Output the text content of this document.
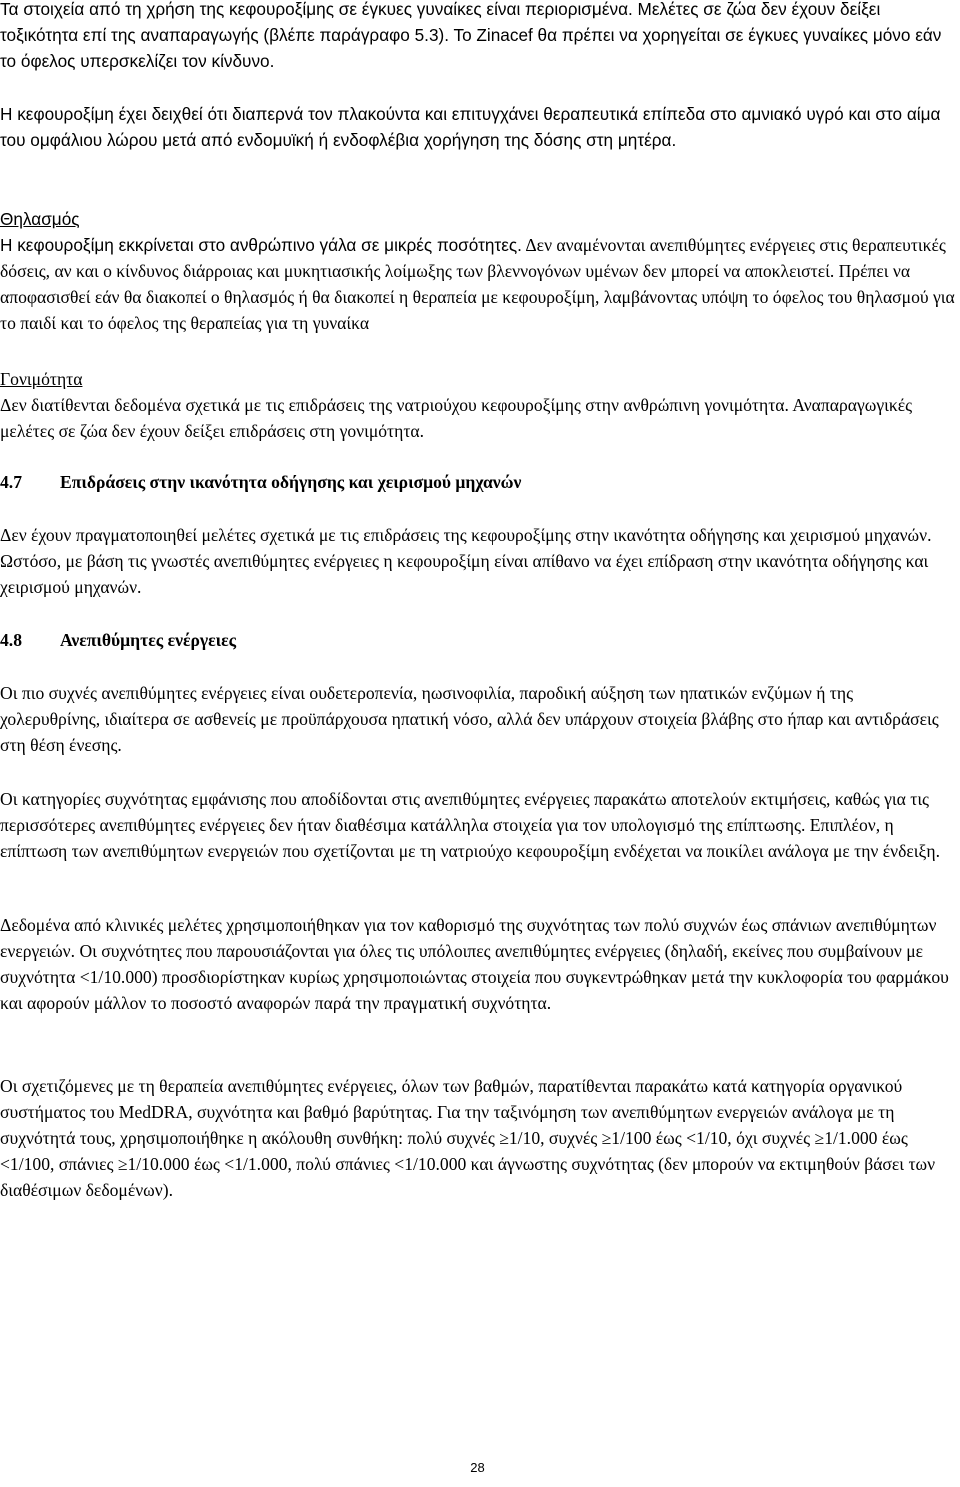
Τα στοιχεία από τη χρήση της κεφουροξίμης σε έγκυες γυναίκες είναι περιορισμένα. Μελέτες σε ζώα δεν έχουν δείξει τοξικότητα επί της αναπαραγωγής (βλέπε παράγραφο 5.3). Το Zinacef θα πρέπει να χορηγείται σε έγκυες γυναίκες μόνο εάν το όφελος υπερσκελίζει τον κίνδυνο.

Η κεφουροξίμη έχει δειχθεί ότι διαπερνά τον πλακούντα και επιτυγχάνει θεραπευτικά επίπεδα στο αμνιακό υγρό και στο αίμα του ομφάλιου λώρου μετά από ενδομυϊκή ή ενδοφλέβια χορήγηση της δόσης στη μητέρα.

Θηλασμός
Η κεφουροξίμη εκκρίνεται στο ανθρώπινο γάλα σε μικρές ποσότητες. Δεν αναμένονται ανεπιθύμητες ενέργειες στις θεραπευτικές δόσεις, αν και ο κίνδυνος διάρροιας και μυκητιασικής λοίμωξης των βλεννογόνων υμένων δεν μπορεί να αποκλειστεί. Πρέπει να αποφασισθεί εάν θα διακοπεί ο θηλασμός ή θα διακοπεί η θεραπεία με κεφουροξίμη, λαμβάνοντας υπόψη το όφελος του θηλασμού για το παιδί και το όφελος της θεραπείας για τη γυναίκα
Γονιμότητα
Δεν διατίθενται δεδομένα σχετικά με τις επιδράσεις της νατριούχου κεφουροξίμης στην ανθρώπινη γονιμότητα. Αναπαραγωγικές μελέτες σε ζώα δεν έχουν δείξει επιδράσεις στη γονιμότητα.
4.7 Επιδράσεις στην ικανότητα οδήγησης και χειρισμού μηχανών

Δεν έχουν πραγματοποιηθεί μελέτες σχετικά με τις επιδράσεις της κεφουροξίμης στην ικανότητα οδήγησης και χειρισμού μηχανών. Ωστόσο, με βάση τις γνωστές ανεπιθύμητες ενέργειες η κεφουροξίμη είναι απίθανο να έχει επίδραση στην ικανότητα οδήγησης και χειρισμού μηχανών.

4.8 Ανεπιθύμητες ενέργειες

Οι πιο συχνές ανεπιθύμητες ενέργειες είναι ουδετεροπενία, ηωσινοφιλία, παροδική αύξηση των ηπατικών ενζύμων ή της χολερυθρίνης, ιδιαίτερα σε ασθενείς με προϋπάρχουσα ηπατική νόσο, αλλά δεν υπάρχουν στοιχεία βλάβης στο ήπαρ και αντιδράσεις στη θέση ένεσης.

Οι κατηγορίες συχνότητας εμφάνισης που αποδίδονται στις ανεπιθύμητες ενέργειες παρακάτω αποτελούν εκτιμήσεις, καθώς για τις περισσότερες ανεπιθύμητες ενέργειες δεν ήταν διαθέσιμα κατάλληλα στοιχεία για τον υπολογισμό της επίπτωσης. Επιπλέον, η επίπτωση των ανεπιθύμητων ενεργειών που σχετίζονται με τη νατριούχο κεφουροξίμη ενδέχεται να ποικίλει ανάλογα με την ένδειξη.

Δεδομένα από κλινικές μελέτες χρησιμοποιήθηκαν για τον καθορισμό της συχνότητας των πολύ συχνών έως σπάνιων ανεπιθύμητων ενεργειών. Οι συχνότητες που παρουσιάζονται για όλες τις υπόλοιπες ανεπιθύμητες ενέργειες (δηλαδή, εκείνες που συμβαίνουν με συχνότητα <1/10.000) προσδιορίστηκαν κυρίως χρησιμοποιώντας στοιχεία που συγκεντρώθηκαν μετά την κυκλοφορία του φαρμάκου και αφορούν μάλλον το ποσοστό αναφορών παρά την πραγματική συχνότητα.

Οι σχετιζόμενες με τη θεραπεία ανεπιθύμητες ενέργειες, όλων των βαθμών, παρατίθενται παρακάτω κατά κατηγορία οργανικού συστήματος του MedDRA, συχνότητα και βαθμό βαρύτητας. Για την ταξινόμηση των ανεπιθύμητων ενεργειών ανάλογα με τη συχνότητά τους, χρησιμοποιήθηκε η ακόλουθη συνθήκη: πολύ συχνές ≥1/10, συχνές ≥1/100 έως <1/10, όχι συχνές ≥1/1.000 έως <1/100, σπάνιες ≥1/10.000 έως <1/1.000, πολύ σπάνιες <1/10.000 και άγνωστης συχνότητας (δεν μπορούν να εκτιμηθούν βάσει των διαθέσιμων δεδομένων).

28
